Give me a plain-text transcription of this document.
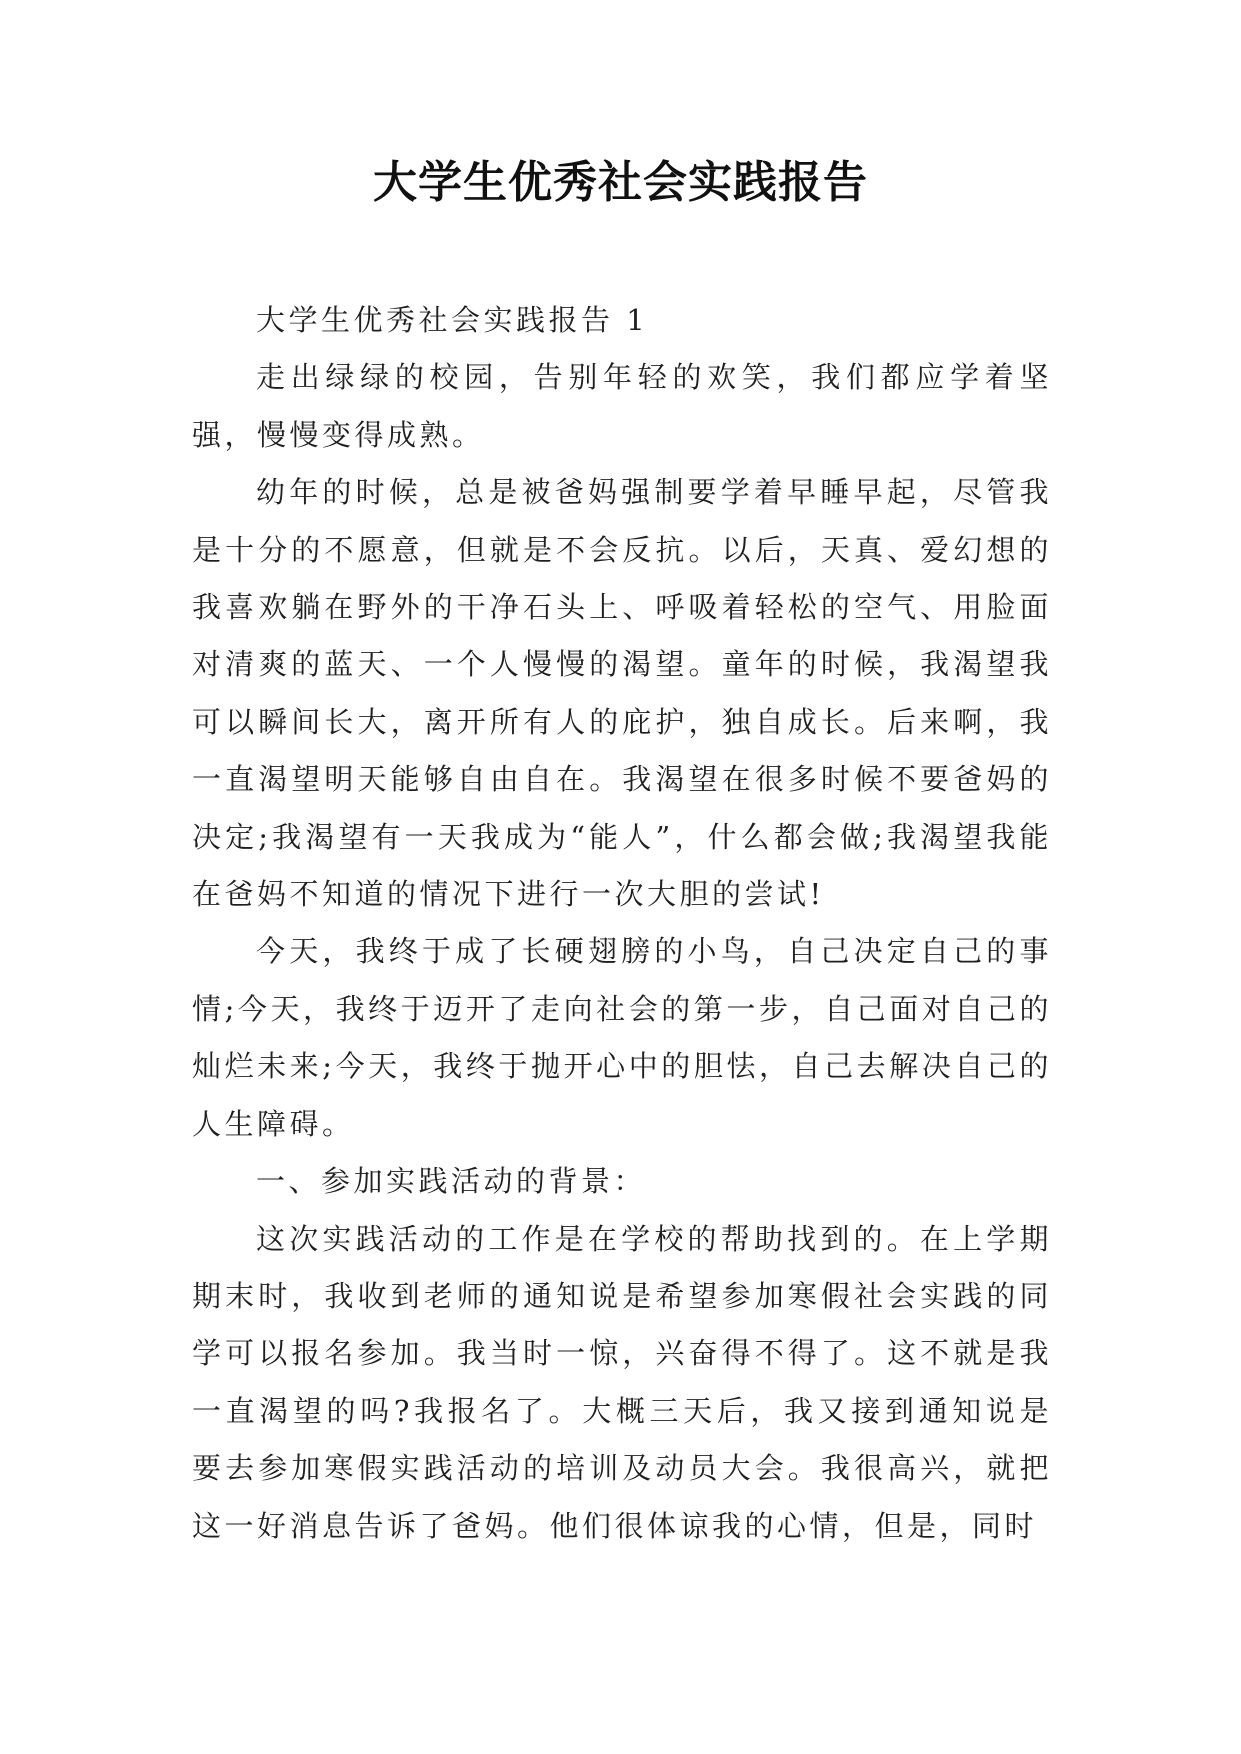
大学生优秀社会实践报告

大学生优秀社会实践报告 1

走出绿绿的校园，告别年轻的欢笑，我们都应学着坚强，慢慢变得成熟。

幼年的时候，总是被爸妈强制要学着早睡早起，尽管我是十分的不愿意，但就是不会反抗。以后，天真、爱幻想的我喜欢躺在野外的干净石头上、呼吸着轻松的空气、用脸面对清爽的蓝天、一个人慢慢的渴望。童年的时候，我渴望我可以瞬间长大，离开所有人的庇护，独自成长。后来啊，我一直渴望明天能够自由自在。我渴望在很多时候不要爸妈的决定;我渴望有一天我成为“能人”，什么都会做;我渴望我能在爸妈不知道的情况下进行一次大胆的尝试!

今天，我终于成了长硬翅膀的小鸟，自己决定自己的事情;今天，我终于迈开了走向社会的第一步，自己面对自己的灿烂未来;今天，我终于抛开心中的胆怯，自己去解决自己的人生障碍。

一、参加实践活动的背景：

这次实践活动的工作是在学校的帮助找到的。在上学期期末时，我收到老师的通知说是希望参加寒假社会实践的同学可以报名参加。我当时一惊，兴奋得不得了。这不就是我一直渴望的吗?我报名了。大概三天后，我又接到通知说是要去参加寒假实践活动的培训及动员大会。我很高兴，就把这一好消息告诉了爸妈。他们很体谅我的心情，但是，同时
